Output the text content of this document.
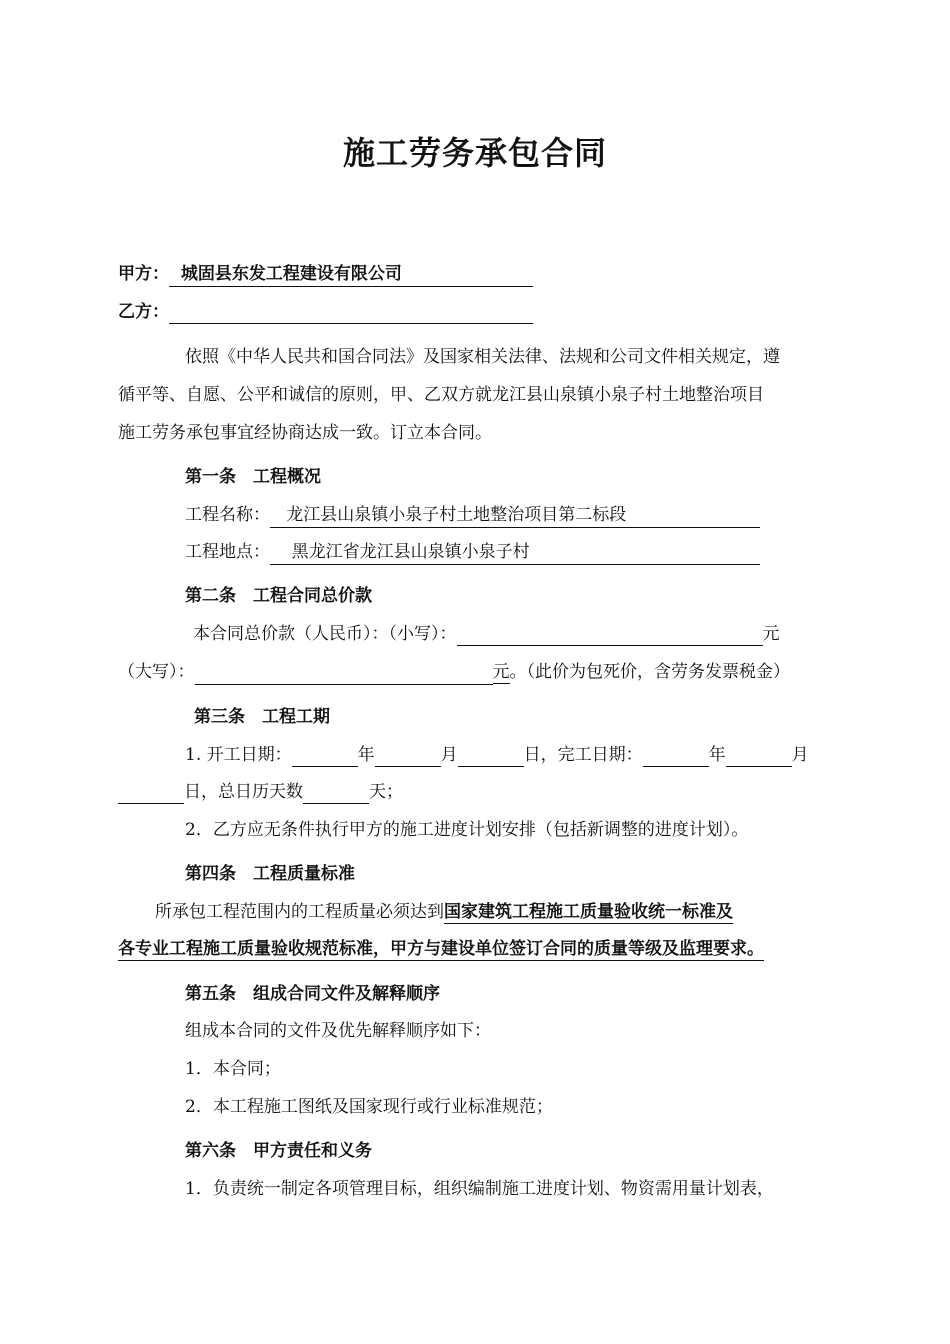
施工劳务承包合同
甲方： 城固县东发工程建设有限公司
乙方：
依照《中华人民共和国合同法》及国家相关法律、法规和公司文件相关规定，遵
循平等、自愿、公平和诚信的原则，甲、乙双方就龙江县山泉镇小泉子村土地整治项目
施工劳务承包事宜经协商达成一致。订立本合同。
第一条　工程概况
工程名称： 龙江县山泉镇小泉子村土地整治项目第二标段
工程地点： 黑龙江省龙江县山泉镇小泉子村
第二条　工程合同总价款
本合同总价款（人民币）：（小写）：	元
（大写）：	元。（此价为包死价，含劳务发票税金）
第三条　工程工期
1. 开工日期：	年	月	日，完工日期：	年	月
日，总日历天数	天；
2．乙方应无条件执行甲方的施工进度计划安排（包括新调整的进度计划）。
第四条　工程质量标准
所承包工程范围内的工程质量必须达到国家建筑工程施工质量验收统一标准及
各专业工程施工质量验收规范标准，甲方与建设单位签订合同的质量等级及监理要求。
第五条　组成合同文件及解释顺序
组成本合同的文件及优先解释顺序如下：
1．本合同；
2．本工程施工图纸及国家现行或行业标准规范；
第六条　甲方责任和义务
1．负责统一制定各项管理目标，组织编制施工进度计划、物资需用量计划表，
